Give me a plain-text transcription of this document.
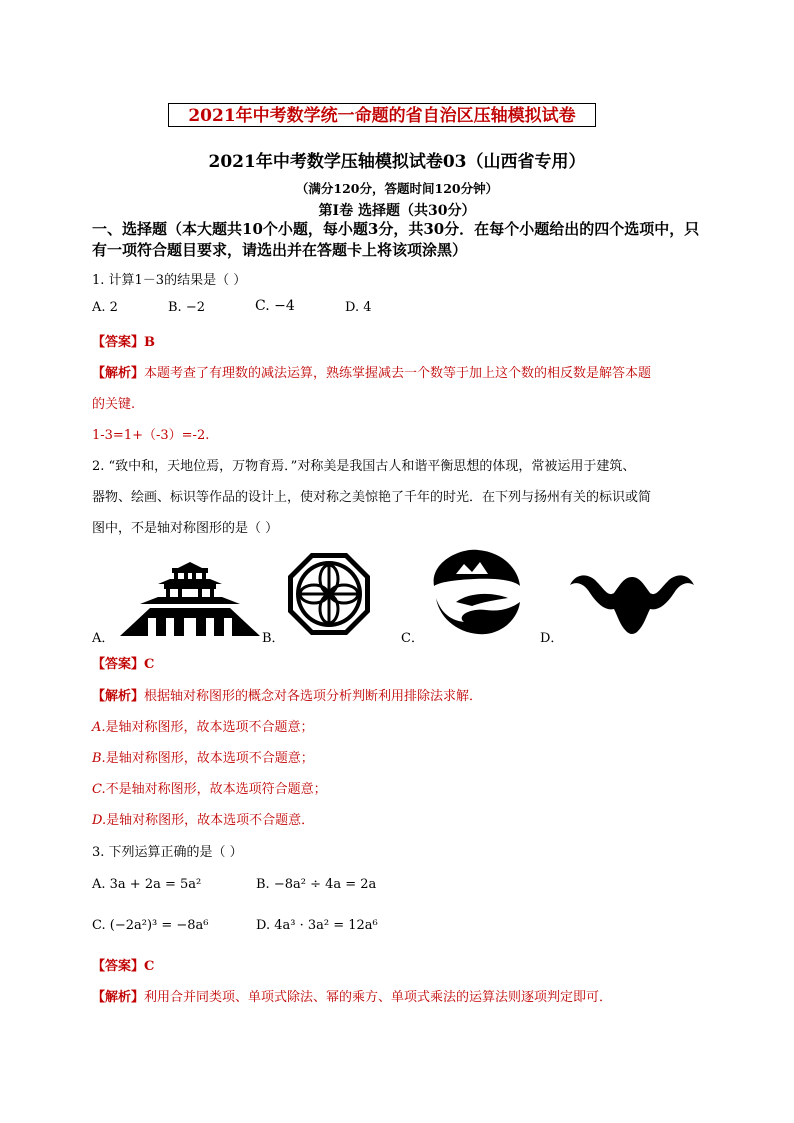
2021年中考数学统一命题的省自治区压轴模拟试卷
2021年中考数学压轴模拟试卷03（山西省专用）
（满分120分，答题时间120分钟）
第Ⅰ卷 选择题（共30分）
一、选择题（本大题共10个小题，每小题3分，共30分．在每个小题给出的四个选项中，只有一项符合题目要求，请选出并在答题卡上将该项涂黑）
1. 计算1－3的结果是（ ）
A. 2	B. −2	C. −4	D. 4
【答案】B
【解析】本题考查了有理数的减法运算，熟练掌握减去一个数等于加上这个数的相反数是解答本题
的关键.
1-3=1+（-3）=-2.
2. “致中和，天地位焉，万物育焉．”对称美是我国古人和谐平衡思想的体现，常被运用于建筑、
器物、绘画、标识等作品的设计上，使对称之美惊艳了千年的时光．在下列与扬州有关的标识或简
图中，不是轴对称图形的是（ ）
A．	B．	C．	D．
【答案】C
【解析】根据轴对称图形的概念对各选项分析判断利用排除法求解．
A.是轴对称图形，故本选项不合题意；
B.是轴对称图形，故本选项不合题意；
C.不是轴对称图形，故本选项符合题意；
D.是轴对称图形，故本选项不合题意．
3. 下列运算正确的是（ ）
A. 3a + 2a = 5a²	B. −8a² ÷ 4a = 2a
C. (−2a²)³ = −8a⁶	D. 4a³ · 3a² = 12a⁶
【答案】C
【解析】利用合并同类项、单项式除法、幂的乘方、单项式乘法的运算法则逐项判定即可．
